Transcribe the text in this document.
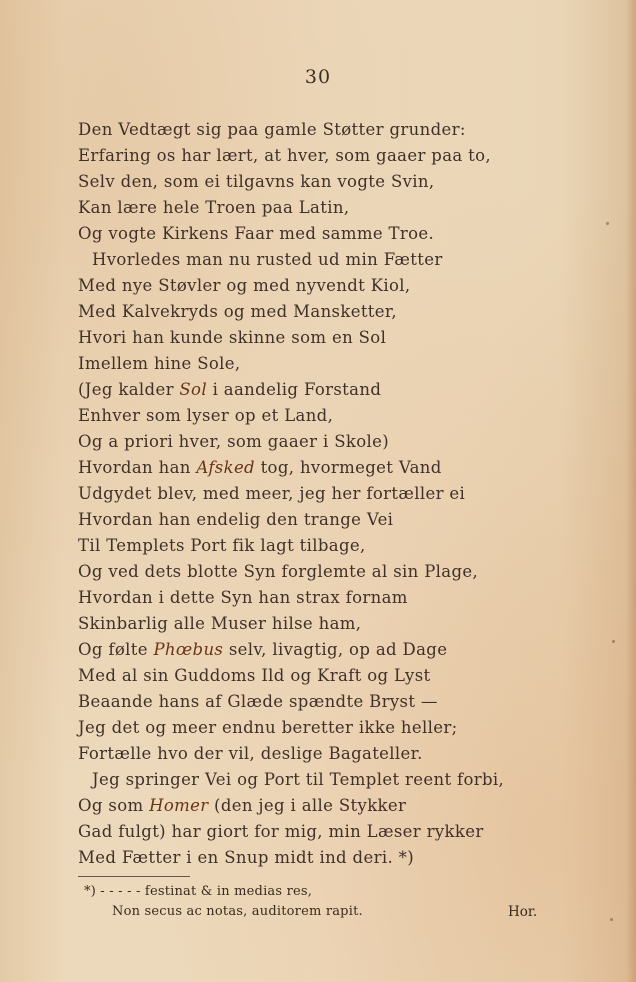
30
Den Vedtægt sig paa gamle Støtter grunder:
Erfaring os har lært, at hver, som gaaer paa to,
Selv den, som ei tilgavns kan vogte Svin,
Kan lære hele Troen paa Latin,
Og vogte Kirkens Faar med samme Troe.
Hvorledes man nu rusted ud min Fætter
Med nye Støvler og med nyvendt Kiol,
Med Kalvekryds og med Mansketter,
Hvori han kunde skinne som en Sol
Imellem hine Sole,
(Jeg kalder Sol i aandelig Forstand
Enhver som lyser op et Land,
Og a priori hver, som gaaer i Skole)
Hvordan han Afsked tog, hvormeget Vand
Udgydet blev, med meer, jeg her fortæller ei
Hvordan han endelig den trange Vei
Til Templets Port fik lagt tilbage,
Og ved dets blotte Syn forglemte al sin Plage,
Hvordan i dette Syn han strax fornam
Skinbarlig alle Muser hilse ham,
Og følte Phœbus selv, livagtig, op ad Dage
Med al sin Guddoms Ild og Kraft og Lyst
Beaande hans af Glæde spændte Bryst —
Jeg det og meer endnu beretter ikke heller;
Fortælle hvo der vil, deslige Bagateller.
Jeg springer Vei og Port til Templet reent forbi,
Og som Homer (den jeg i alle Stykker
Gad fulgt) har giort for mig, min Læser rykker
Med Fætter i en Snup midt ind deri. *)
*) - - - - - festinat & in medias res,
Non secus ac notas, auditorem rapit.	Hor.
